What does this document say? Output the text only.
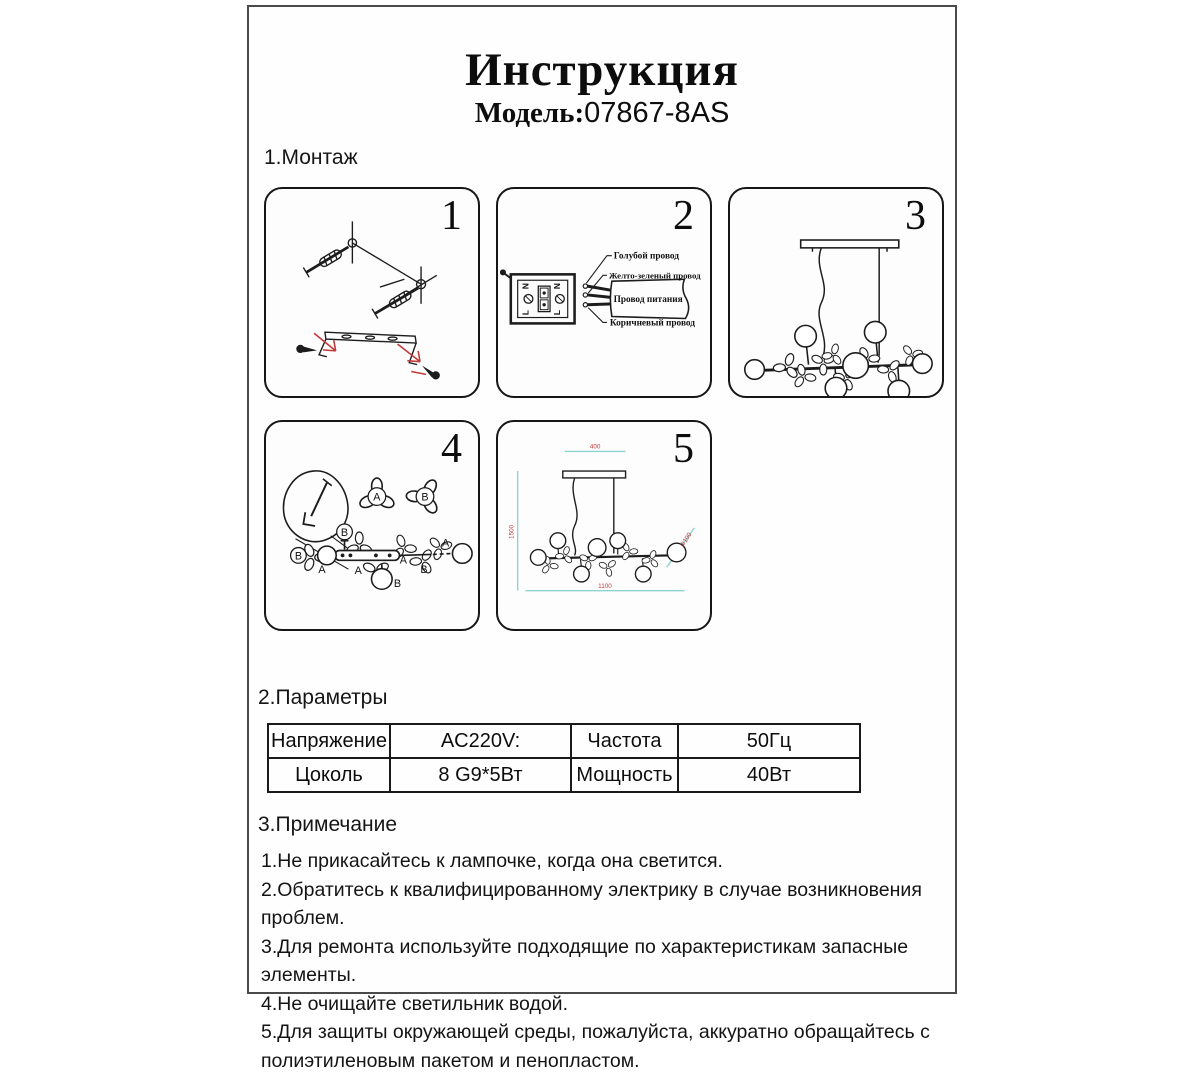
Инструкция
Модель:07867-8AS
1.Монтаж
1
N
L
N
L
Голубой провод
Желто-зеленый провод
Провод питания
Коричневый провод
2	3
A	B
B
B
A	A
A
A
B
B
4	400
1500
1100
Φ100
5
2.Параметры
Напряжение	AC220V:	Частота	50Гц
Цоколь	8 G9*5Вт	Мощность	40Вт
3.Примечание
1.Не прикасайтесь к лампочке, когда она светится.
2.Обратитесь к квалифицированному электрику в случае возникновения проблем.
3.Для ремонта используйте подходящие по характеристикам запасные элементы.
4.Не очищайте светильник водой.
5.Для защиты окружающей среды, пожалуйста, аккуратно обращайтесь с полиэтиленовым пакетом и пенопластом.
